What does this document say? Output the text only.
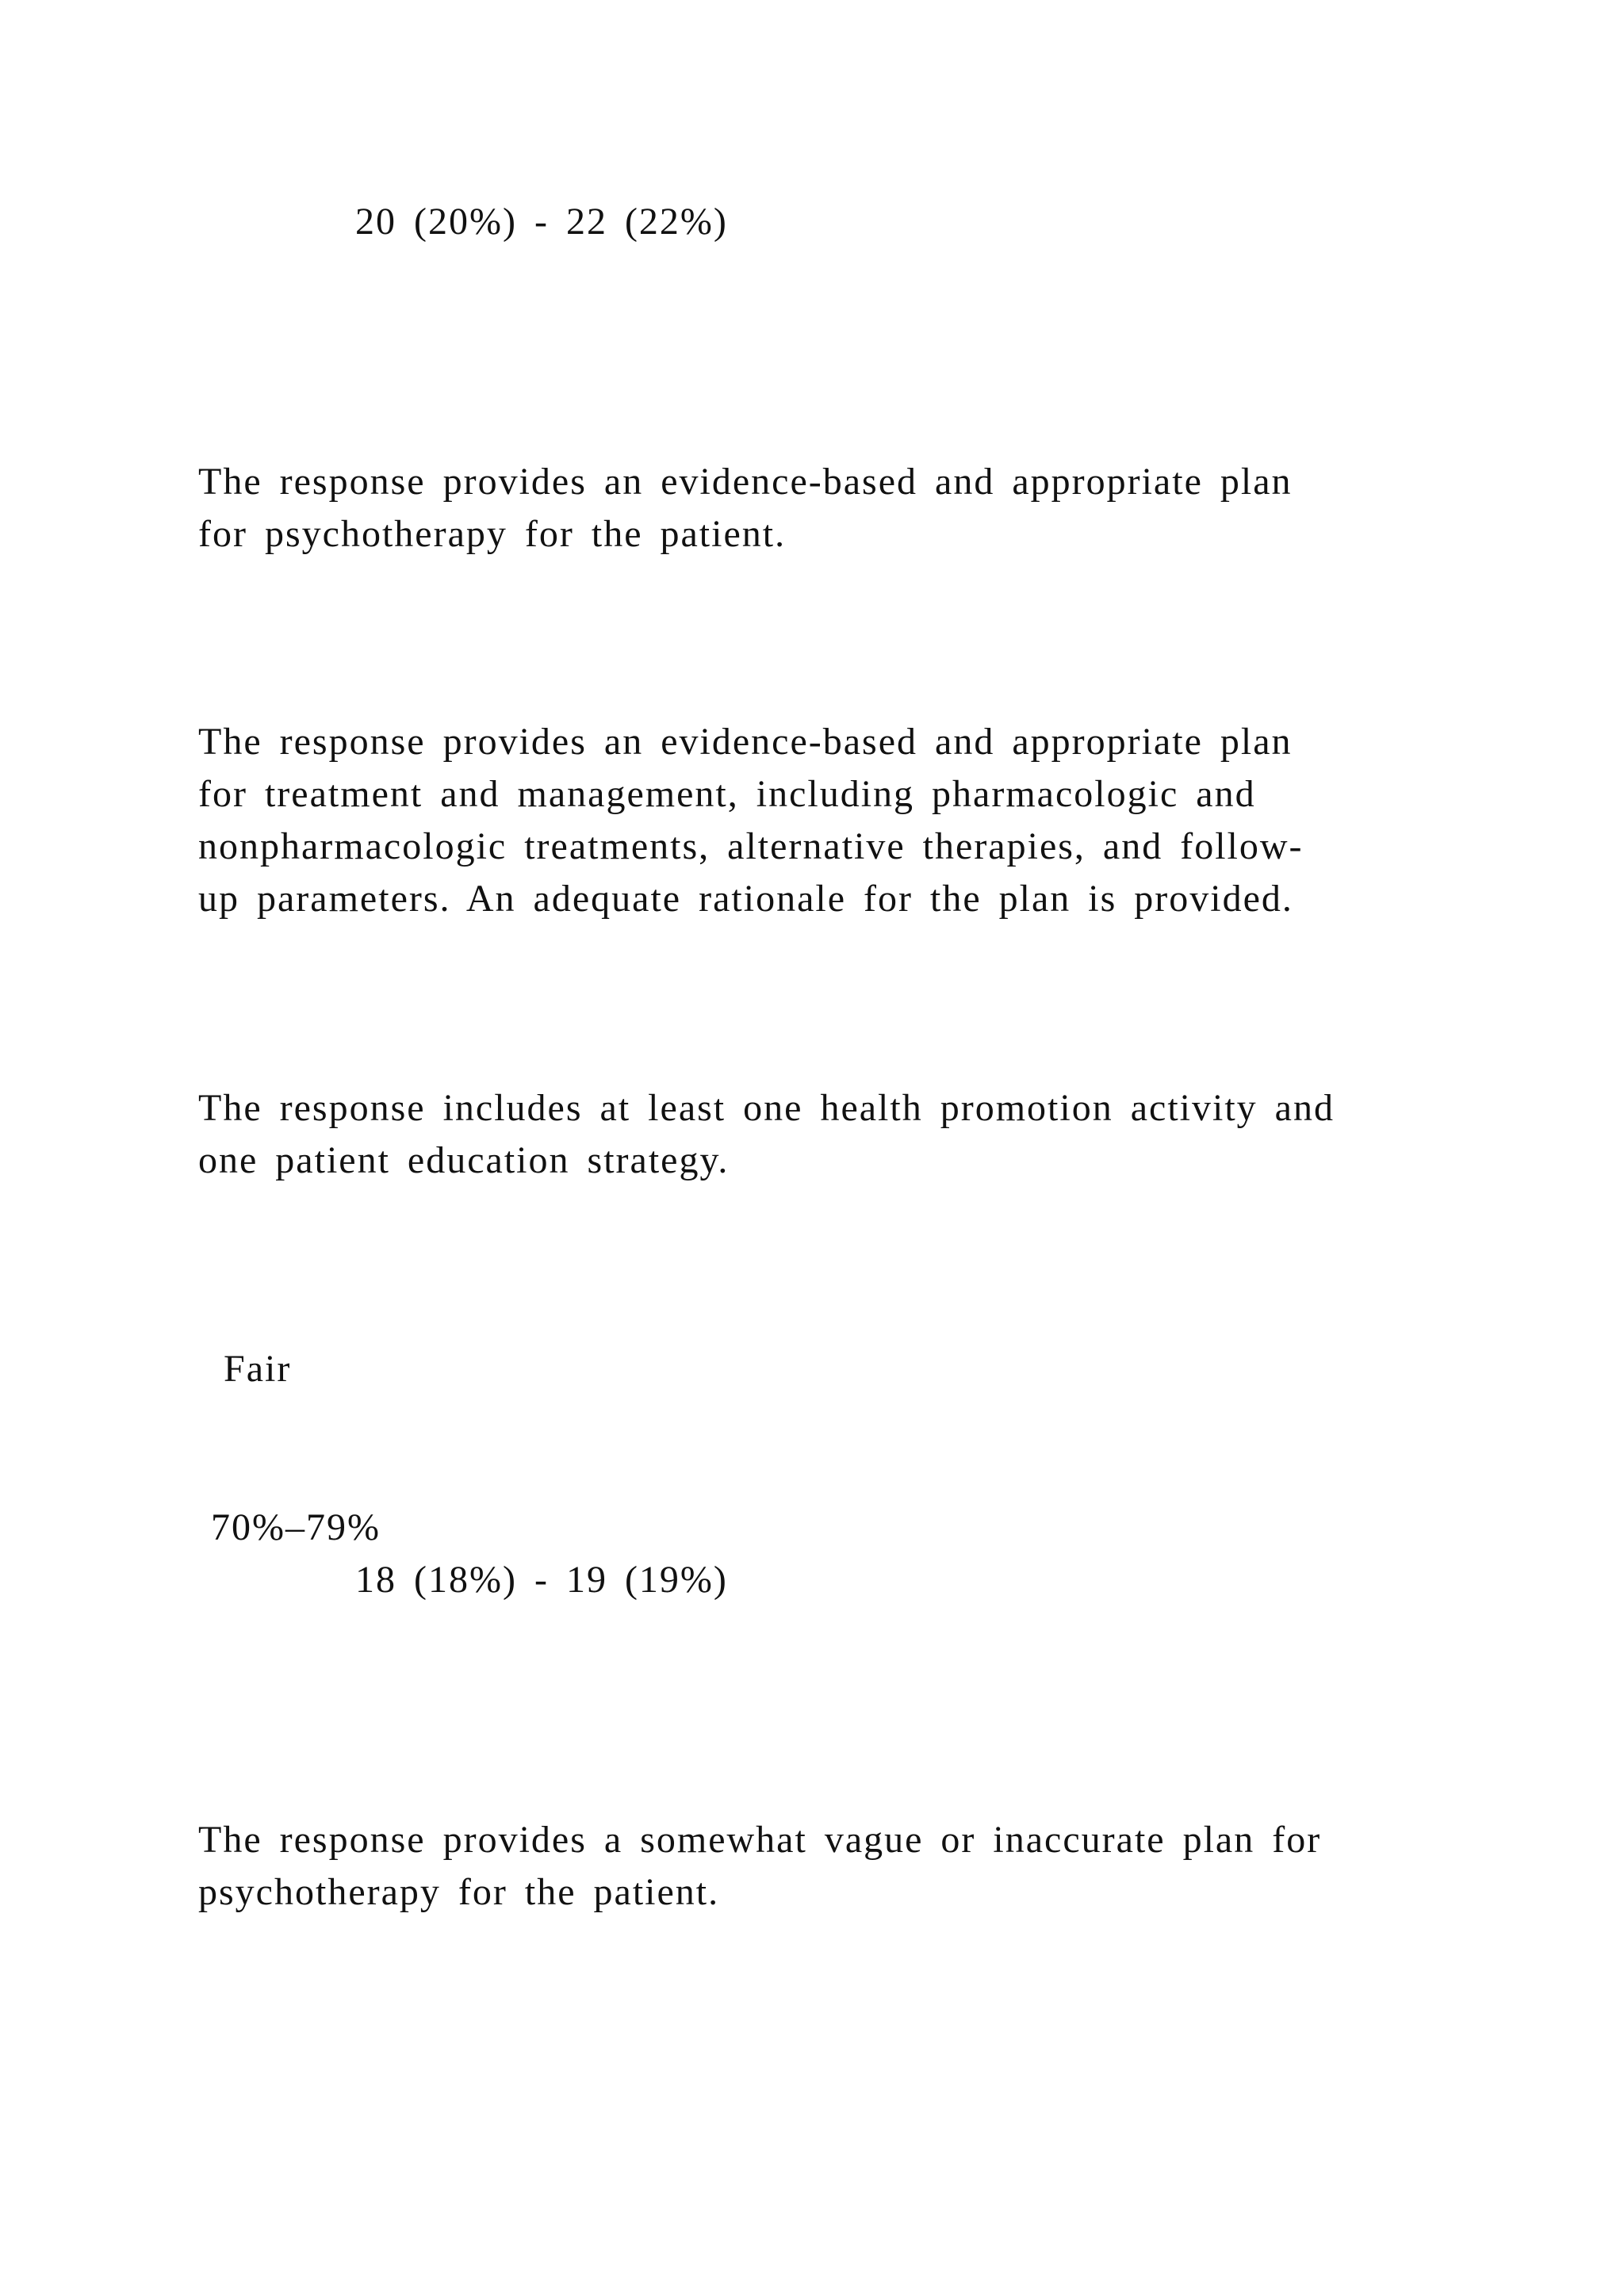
20 (20%) - 22 (22%)

The response provides an evidence-based and appropriate plan
for psychotherapy for the patient.
The response provides an evidence-based and appropriate plan
for treatment and management, including pharmacologic and
nonpharmacologic treatments, alternative therapies, and follow-
up parameters. An adequate rationale for the plan is provided.
The response includes at least one health promotion activity and
one patient education strategy.

Fair

70%–79%

18 (18%) - 19 (19%)

The response provides a somewhat vague or inaccurate plan for
psychotherapy for the patient.
